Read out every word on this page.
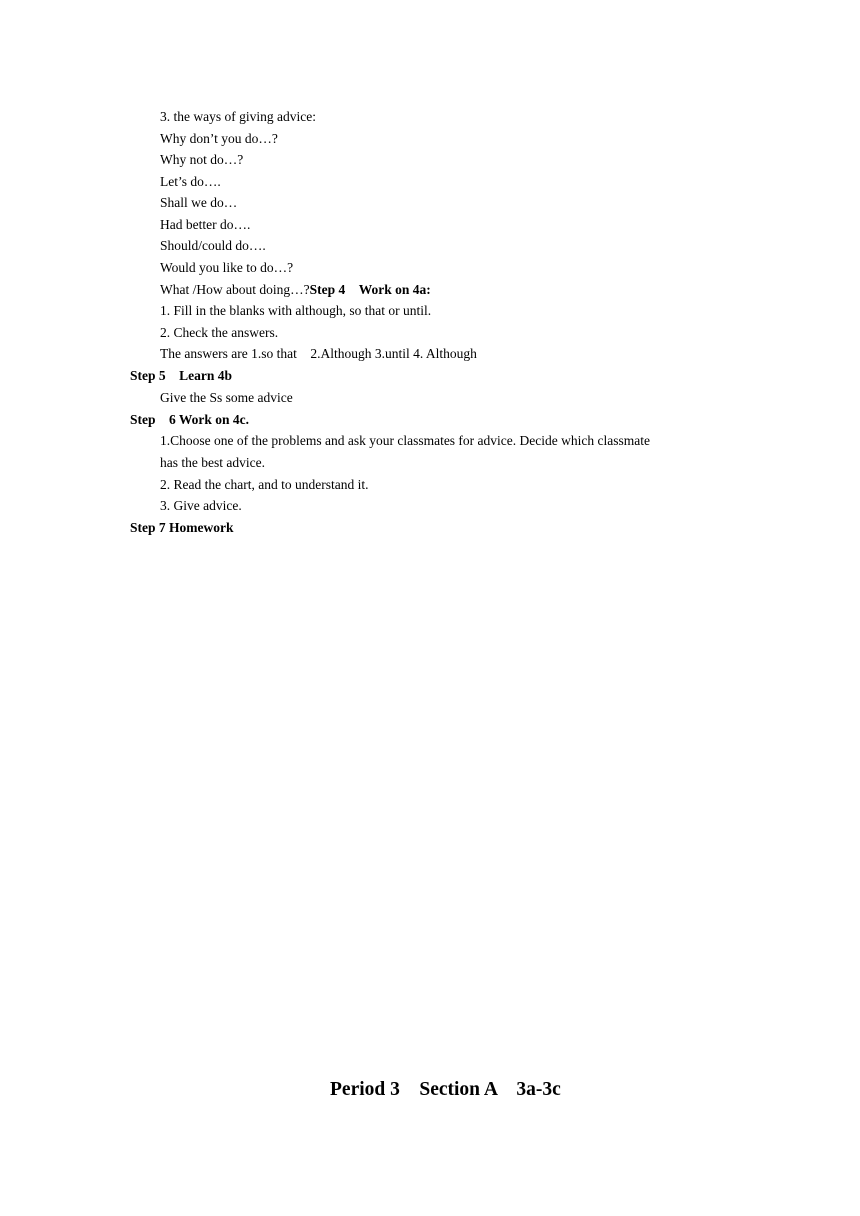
3. the ways of giving advice:
Why don’t you do…?
Why not do…?
Let’s do….
Shall we do…
Had better do….
Should/could do….
Would you like to do…?
What /How about doing…?Step 4　Work on 4a:
1. Fill in the blanks with although, so that or until.
2. Check the answers.
The answers are 1.so that　2.Although 3.until 4. Although
Step 5　Learn 4b
Give the Ss some advice
Step　6 Work on 4c.
1.Choose one of the problems and ask your classmates for advice. Decide which classmate
has the best advice.
2. Read the chart, and to understand it.
3. Give advice.
Step 7 Homework
Period 3　Section A　3a-3c
